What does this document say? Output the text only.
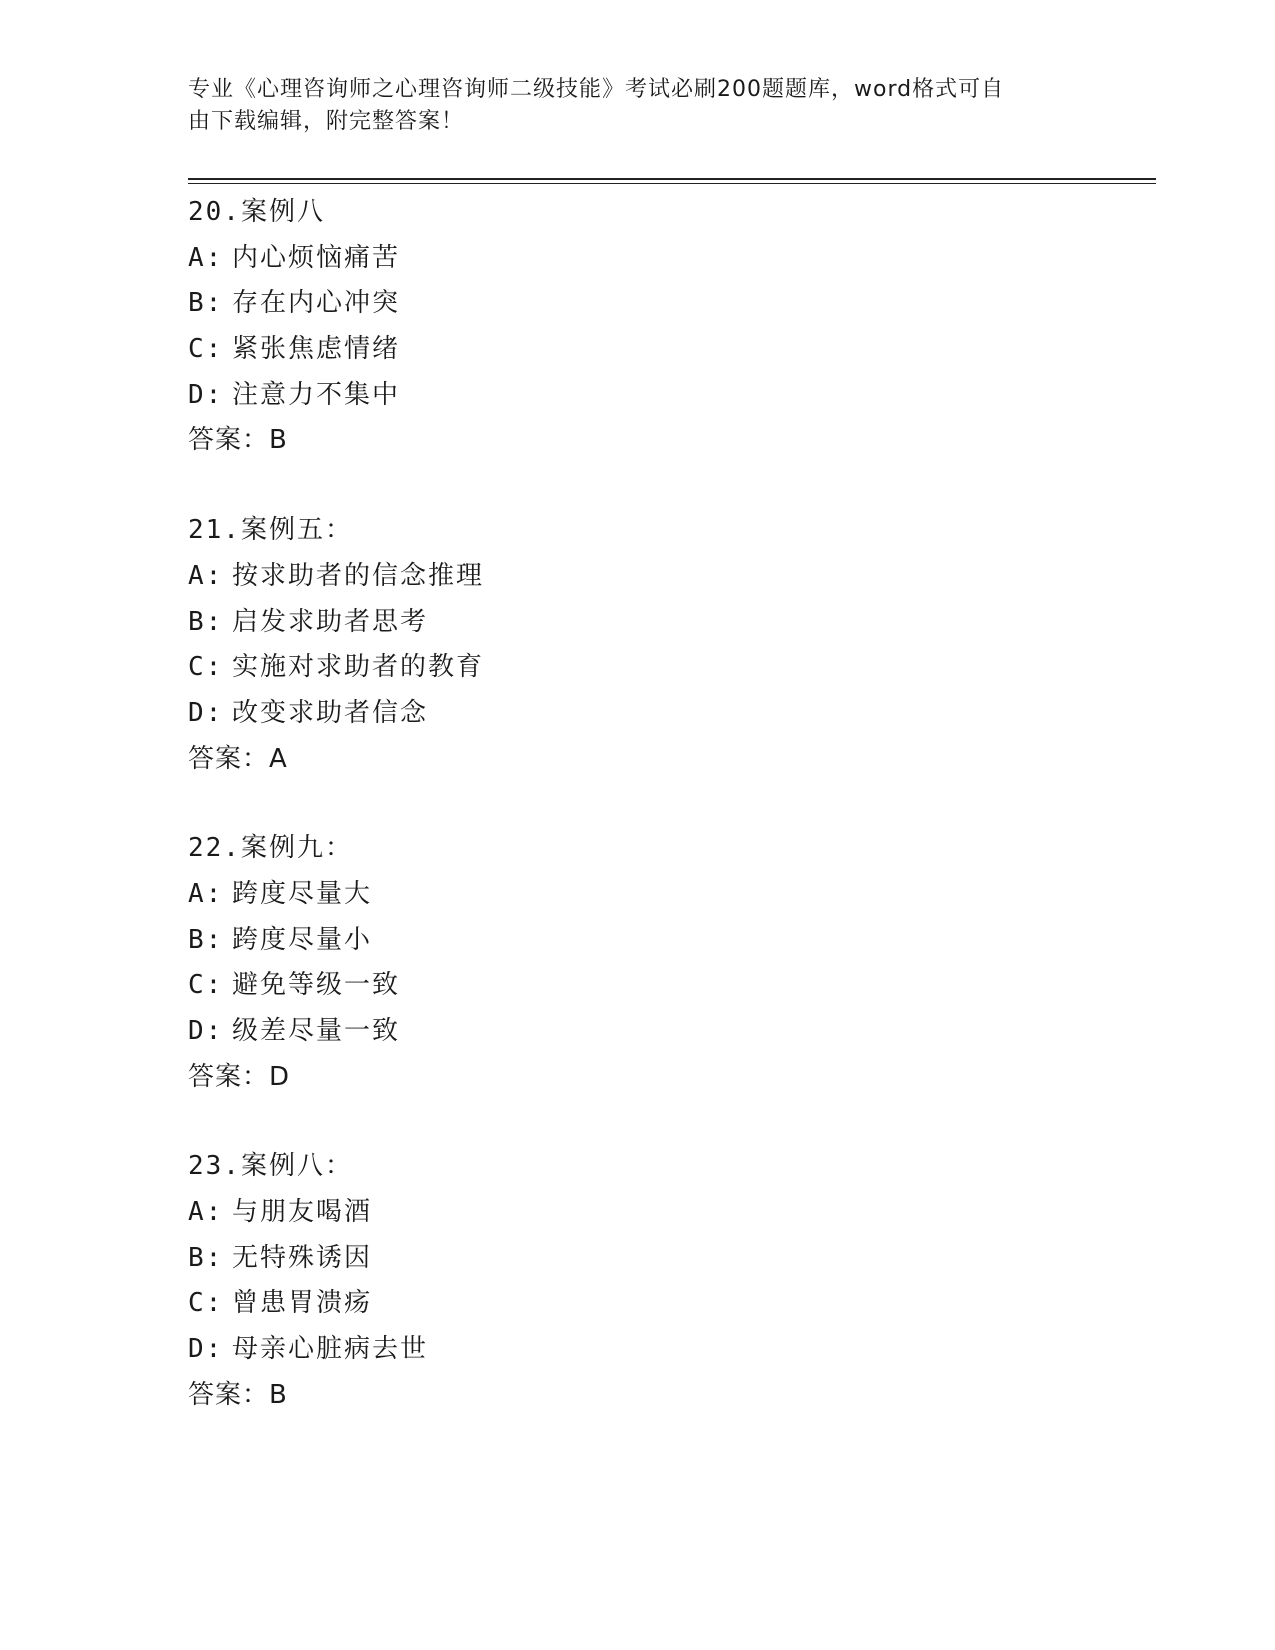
专业《心理咨询师之心理咨询师二级技能》考试必刷200题题库，word格式可自
由下载编辑，附完整答案！
20.案例八
A: 内心烦恼痛苦
B: 存在内心冲突
C: 紧张焦虑情绪
D: 注意力不集中
答案：B
21.案例五：
A: 按求助者的信念推理
B: 启发求助者思考
C: 实施对求助者的教育
D: 改变求助者信念
答案：A
22.案例九：
A: 跨度尽量大
B: 跨度尽量小
C: 避免等级一致
D: 级差尽量一致
答案：D
23.案例八：
A: 与朋友喝酒
B: 无特殊诱因
C: 曾患胃溃疡
D: 母亲心脏病去世
答案：B
